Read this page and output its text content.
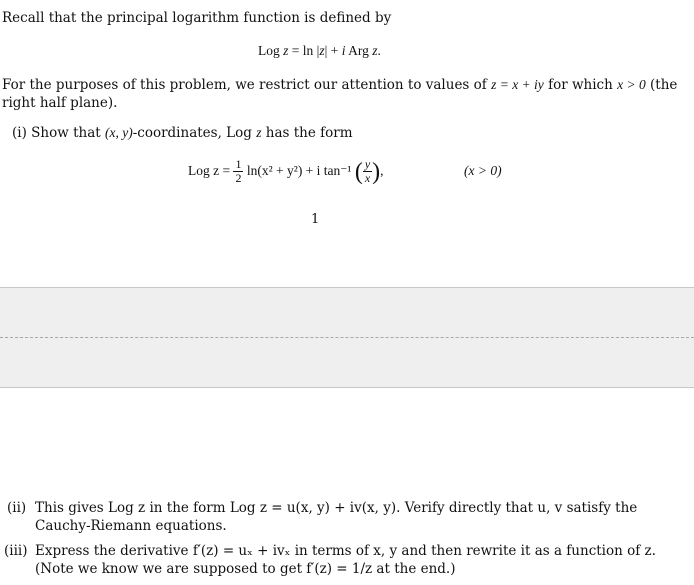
Recall that the principal logarithm function is defined by
Log z = ln |z| + i Arg z.
For the purposes of this problem, we restrict our attention to values of z = x + iy for which x > 0 (the
right half plane).
(i) Show that (x, y)-coordinates, Log z has the form
Log $z = \frac{1}{2} \ln(x^2 + y^2) + i$ tan⁻¹ ( $\frac{y}{x}$ ),	(x > 0)
1
(ii) This gives Log z in the form Log z = u(x, y) + iv(x, y). Verify directly that u, v satisfy the
Cauchy-Riemann equations.
(iii) Express the derivative f′(z) = uₓ + ivₓ in terms of x, y and then rewrite it as a function of z.
(Note we know we are supposed to get f′(z) = 1/z at the end.)
